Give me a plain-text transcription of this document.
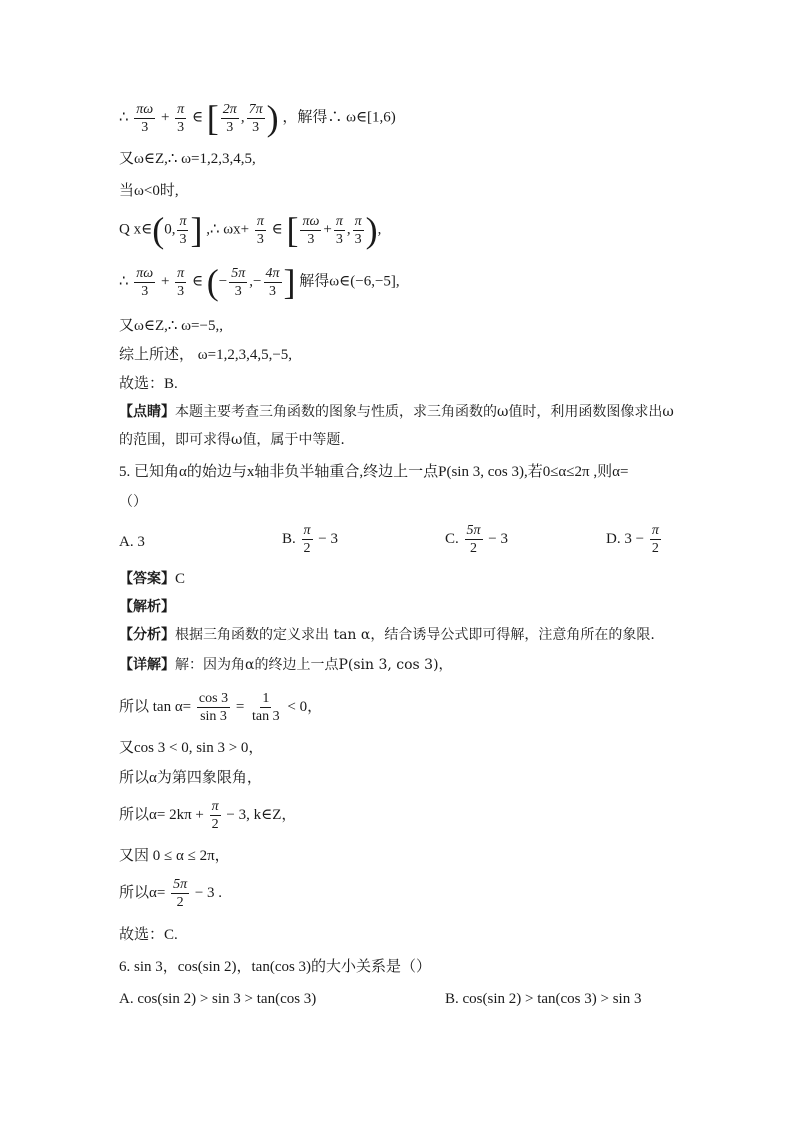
∴ $\frac{\pi\omega}{3} + \frac{\pi}{3}$ ∈ [ $\frac{2\pi}{3}$ , $\frac{7\pi}{3}$ ) ，解得∴ ω∈[1,6)
又ω∈Z,∴ ω=1,2,3,4,5,
当ω<0时,
Q x∈(0, $\frac{\pi}{3}$ ] ,∴ $\omega x+ \frac{\pi}{3}$ ∈ [ $\frac{\pi\omega}{3} + \frac{\pi}{3}$ , $\frac{\pi}{3}$ ),
∴ $\frac{\pi\omega}{3} + \frac{\pi}{3}$ ∈ (− $\frac{5\pi}{3}$ ,− $\frac{4\pi}{3}$ ] 解得ω∈(−6,−5],
又ω∈Z,∴ ω=−5,,
综上所述， ω=1,2,3,4,5,−5,
故选：B.
【点睛】本题主要考查三角函数的图象与性质，求三角函数的ω值时，利用函数图像求出ω
的范围，即可求得ω值，属于中等题.
5. 已知角α的始边与x轴非负半轴重合,终边上一点P(sin 3, cos 3),若0≤α≤2π ,则α=
（）
A. 3	B. $\frac{\pi}{2} - 3$	C. $\frac{5\pi}{2} - 3$	D. $3 - \frac{\pi}{2}$
【答案】C
【解析】
【分析】根据三角函数的定义求出 tan α，结合诱导公式即可得解，注意角所在的象限.
【详解】解：因为角α的终边上一点P(sin 3, cos 3)，
所以 $\tan \alpha= \frac{\cos 3}{\sin 3} = \frac{1}{\tan 3} < 0$，
又cos 3 < 0, sin 3 > 0，
所以α为第四象限角，
所以$\alpha= 2k\pi + \frac{\pi}{2} - 3$, k∈Z，
又因 0 ≤ α ≤ 2π，
所以$\alpha= \frac{5\pi}{2} - 3$ .
故选：C.
6. sin 3，cos(sin 2)，tan(cos 3)的大小关系是（）
A. cos(sin 2) > sin 3 > tan(cos 3)	B. cos(sin 2) > tan(cos 3) > sin 3
